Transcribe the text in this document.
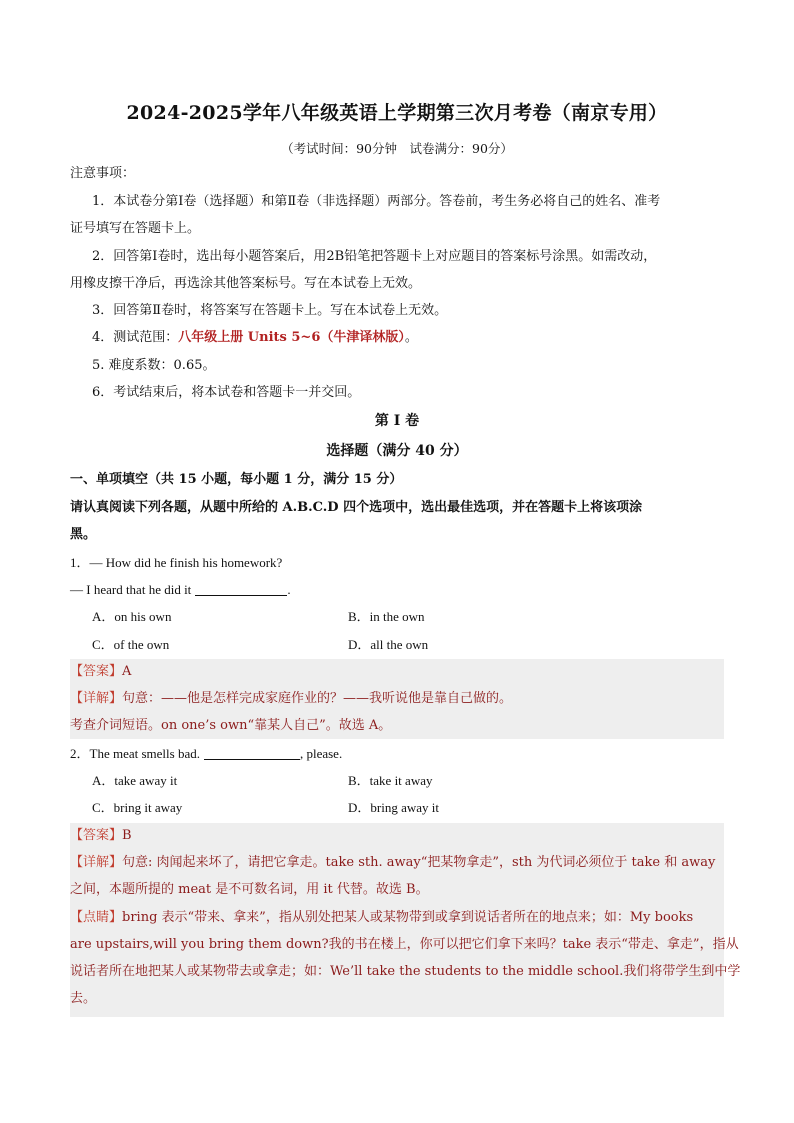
2024-2025学年八年级英语上学期第三次月考卷（南京专用）
（考试时间：90分钟　试卷满分：90分）
注意事项：
1．本试卷分第Ⅰ卷（选择题）和第Ⅱ卷（非选择题）两部分。答卷前，考生务必将自己的姓名、准考
证号填写在答题卡上。
2．回答第Ⅰ卷时，选出每小题答案后，用2B铅笔把答题卡上对应题目的答案标号涂黑。如需改动，
用橡皮擦干净后，再选涂其他答案标号。写在本试卷上无效。
3．回答第Ⅱ卷时，将答案写在答题卡上。写在本试卷上无效。
4．测试范围：八年级上册 Units 5~6（牛津译林版）。
5. 难度系数：0.65。
6．考试结束后，将本试卷和答题卡一并交回。
第 I 卷
选择题（满分 40 分）
一、单项填空（共 15 小题，每小题 1 分，满分 15 分）
请认真阅读下列各题，从题中所给的 A.B.C.D 四个选项中，选出最佳选项，并在答题卡上将该项涂
黑。
1．— How did he finish his homework?
— I heard that he did it	.
A．on his own	B．in the own
C．of the own	D．all the own
【答案】A
【详解】句意：——他是怎样完成家庭作业的？——我听说他是靠自己做的。
考查介词短语。on one’s own“靠某人自己”。故选 A。
2．The meat smells bad.	, please.
A．take away it	B．take it away
C．bring it away	D．bring away it
【答案】B
【详解】句意: 肉闻起来坏了，请把它拿走。take sth. away“把某物拿走”，sth 为代词必须位于 take 和 away
之间，本题所提的 meat 是不可数名词，用 it 代替。故选 B。
【点睛】bring 表示“带来、拿来”，指从别处把某人或某物带到或拿到说话者所在的地点来；如：My books
are upstairs,will you bring them down?我的书在楼上，你可以把它们拿下来吗？take 表示“带走、拿走”，指从
说话者所在地把某人或某物带去或拿走；如：We’ll take the students to the middle school.我们将带学生到中学
去。
